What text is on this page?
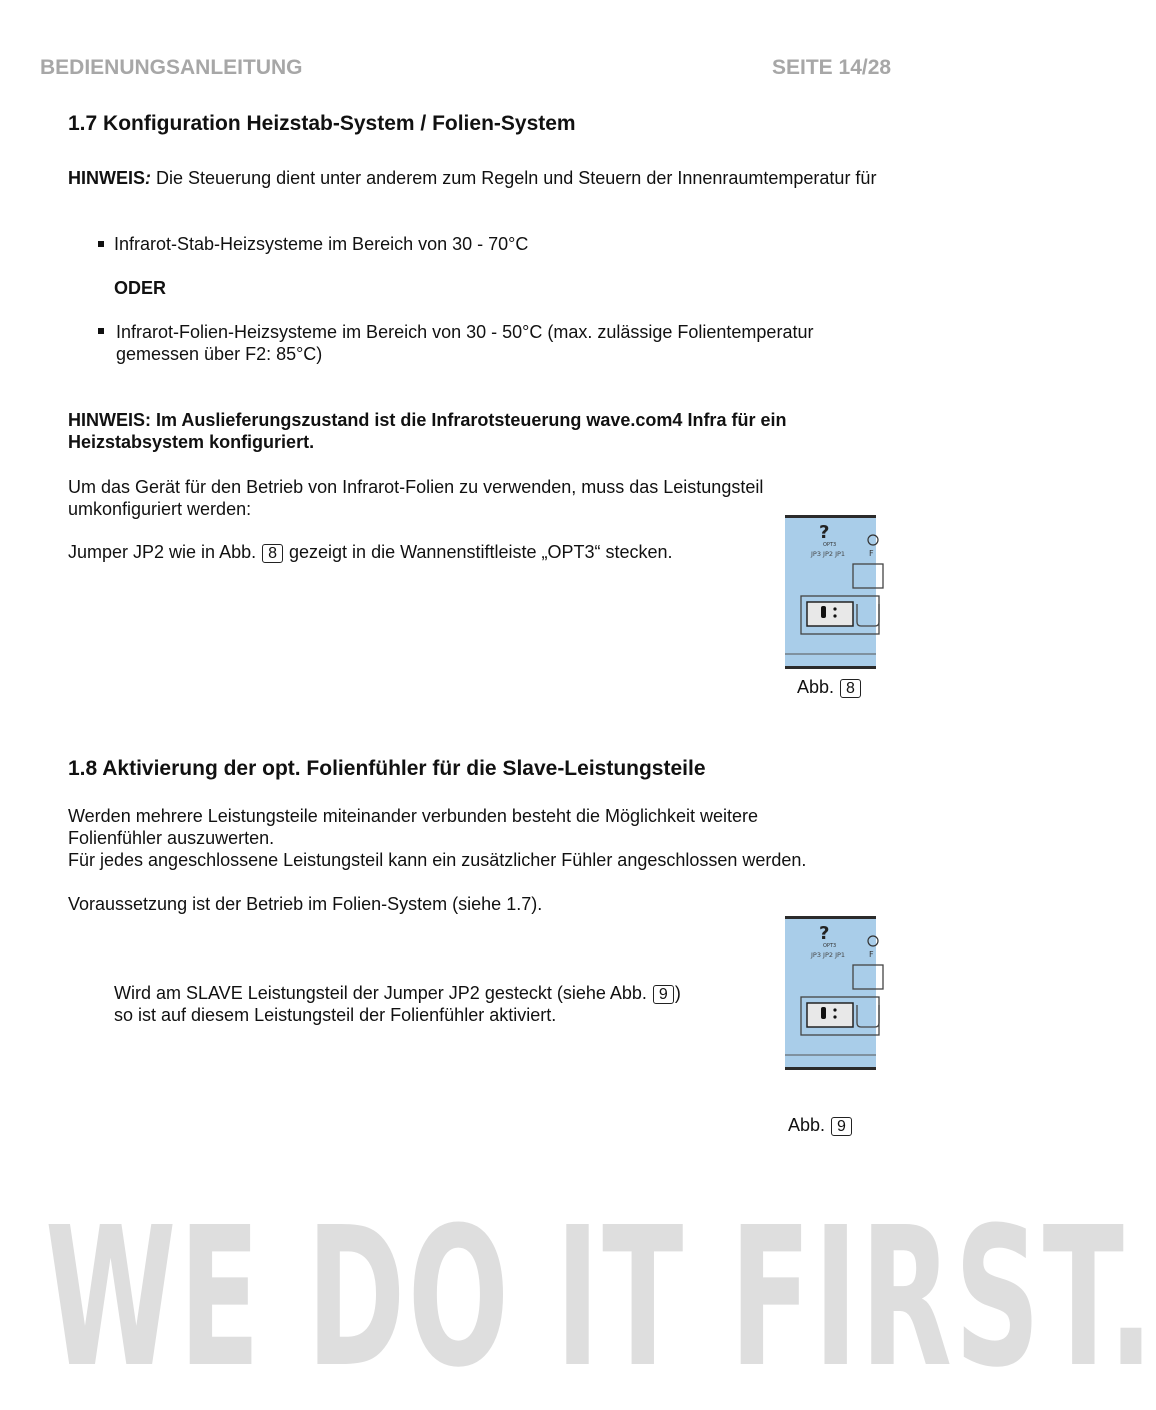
BEDIENUNGSANLEITUNG	SEITE 14/28
1.7 Konfiguration Heizstab-System / Folien-System
HINWEIS: Die Steuerung dient unter anderem zum Regeln und Steuern der Innenraumtemperatur für
Infrarot-Stab-Heizsysteme im Bereich von 30 - 70°C
ODER
Infrarot-Folien-Heizsysteme im Bereich von 30 - 50°C (max. zulässige Folientemperatur gemessen über F2: 85°C)
HINWEIS: Im Auslieferungszustand ist die Infrarotsteuerung wave.com4 Infra für ein Heizstabsystem konfiguriert.
Um das Gerät für den Betrieb von Infrarot-Folien zu verwenden, muss das Leistungsteil umkonfiguriert werden:
Jumper JP2 wie in Abb. 8 gezeigt in die Wannenstiftleiste „OPT3“ stecken.
?
OPT3
JP3 JP2 JP1	F
Abb. 8
1.8 Aktivierung der opt. Folienfühler für die Slave-Leistungsteile
Werden mehrere Leistungsteile miteinander verbunden besteht die Möglichkeit weitere Folienfühler auszuwerten.
Für jedes angeschlossene Leistungsteil kann ein zusätzlicher Fühler angeschlossen werden.
Voraussetzung ist der Betrieb im Folien-System (siehe 1.7).
Wird am SLAVE Leistungsteil der Jumper JP2 gesteckt (siehe Abb. 9 )
so ist auf diesem Leistungsteil der Folienfühler aktiviert.
?
OPT3
JP3 JP2 JP1	F
Abb. 9
WE DO IT FIRST.
